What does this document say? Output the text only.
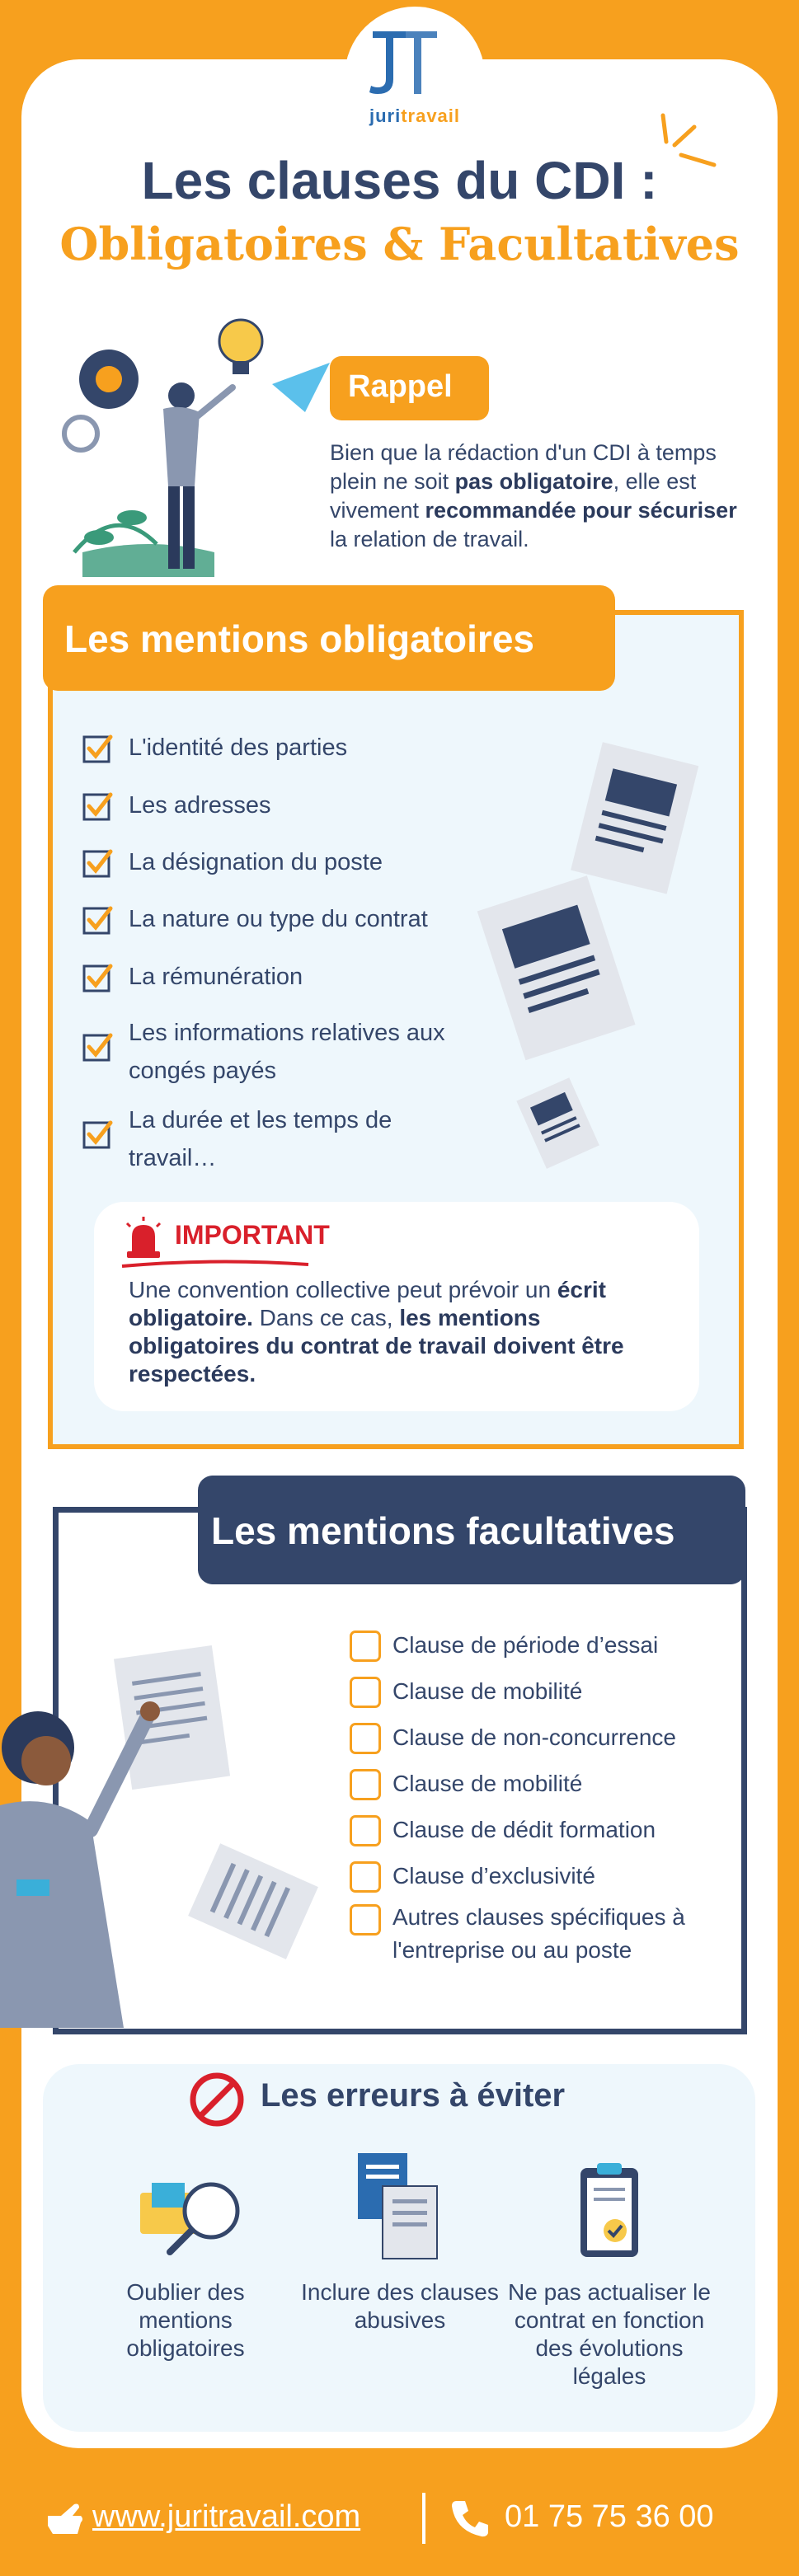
juritravail
Les clauses du CDI :
Obligatoires & Facultatives
Rappel
Bien que la rédaction d'un CDI à temps plein ne soit pas obligatoire, elle est vivement recommandée pour sécuriser la relation de travail.
Les mentions obligatoires
L'identité des parties
Les adresses
La désignation du poste
La nature ou type du contrat
La rémunération
Les informations relatives aux congés payés
La durée et les temps de travail…
IMPORTANT
Une convention collective peut prévoir un écrit obligatoire. Dans ce cas, les mentions obligatoires du contrat de travail doivent être respectées.
Les mentions facultatives
Clause de période d’essai
Clause de mobilité
Clause de non-concurrence
Clause de mobilité
Clause de dédit formation
Clause d’exclusivité
Autres clauses spécifiques à l'entreprise ou au poste
Les erreurs à éviter
Oublier des mentions obligatoires
Inclure des clauses abusives
Ne pas actualiser le contrat en fonction des évolutions légales
www.juritravail.com	01 75 75 36 00
